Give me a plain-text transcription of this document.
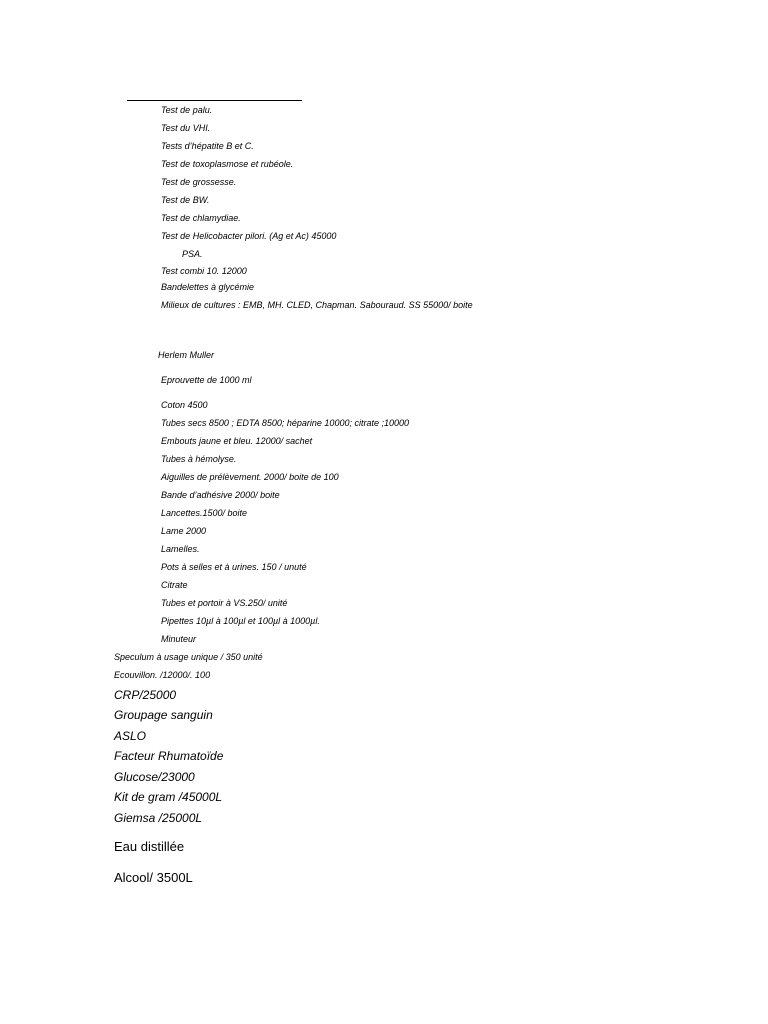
Test de palu.
Test du VHI.
Tests d’hépatite B et C.
Test de toxoplasmose et rubéole.
Test de grossesse.
Test de BW.
Test de chlamydiae.
Test de Helicobacter pilori. (Ag et Ac) 45000
PSA.
Test combi 10. 12000
Bandelettes à glycémie
Milieux de cultures : EMB, MH. CLED, Chapman. Sabouraud. SS 55000/ boite
Herlem Muller
Eprouvette de 1000 ml
Coton 4500
Tubes secs 8500 ; EDTA 8500; héparine 10000; citrate ;10000
Embouts jaune et bleu. 12000/ sachet
Tubes à hémolyse.
Aiguilles de prélèvement. 2000/ boite de 100
Bande d’adhésive 2000/ boite
Lancettes.1500/ boite
Lame 2000
Lamelles.
Pots à selles et à urines. 150 / unuté
Citrate
Tubes et portoir à VS.250/ unité
Pipettes 10µl à 100µl et 100µl à 1000µl.
Minuteur
Speculum à usage unique / 350 unité
Ecouvillon. /12000/. 100
CRP/25000
Groupage sanguin
ASLO
Facteur Rhumatoïde
Glucose/23000
Kit de gram /45000L
Giemsa /25000L
Eau distillée
Alcool/ 3500L
